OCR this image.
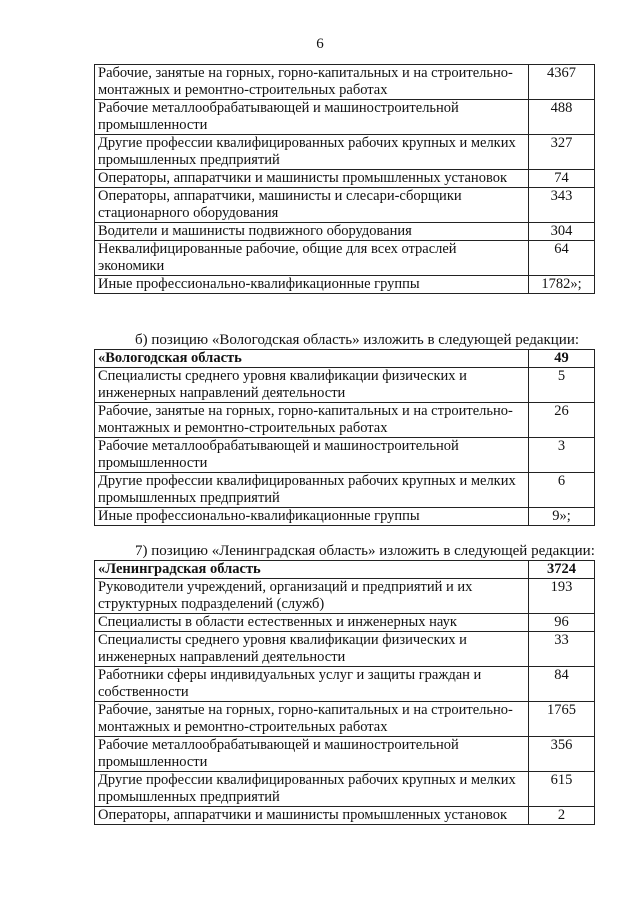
6
Рабочие, занятые на горных, горно-капитальных и на строительно-монтажных и ремонтно-строительных работах	4367
Рабочие металлообрабатывающей и машиностроительной промышленности	488
Другие профессии квалифицированных рабочих крупных и мелких промышленных предприятий	327
Операторы, аппаратчики и машинисты промышленных установок	74
Операторы, аппаратчики, машинисты и слесари-сборщики стационарного оборудования	343
Водители и машинисты подвижного оборудования	304
Неквалифицированные рабочие, общие для всех отраслей экономики	64
Иные профессионально-квалификационные группы	1782»;
б) позицию «Вологодская область» изложить в следующей редакции:
«Вологодская область	49
Специалисты среднего уровня квалификации физических и инженерных направлений деятельности	5
Рабочие, занятые на горных, горно-капитальных и на строительно-монтажных и ремонтно-строительных работах	26
Рабочие металлообрабатывающей и машиностроительной промышленности	3
Другие профессии квалифицированных рабочих крупных и мелких промышленных предприятий	6
Иные профессионально-квалификационные группы	9»;
7) позицию «Ленинградская область» изложить в следующей редакции:
«Ленинградская область	3724
Руководители учреждений, организаций и предприятий и их структурных подразделений (служб)	193
Специалисты в области естественных и инженерных наук	96
Специалисты среднего уровня квалификации физических и инженерных направлений деятельности	33
Работники сферы индивидуальных услуг и защиты граждан и собственности	84
Рабочие, занятые на горных, горно-капитальных и на строительно-монтажных и ремонтно-строительных работах	1765
Рабочие металлообрабатывающей и машиностроительной промышленности	356
Другие профессии квалифицированных рабочих крупных и мелких промышленных предприятий	615
Операторы, аппаратчики и машинисты промышленных установок	2
